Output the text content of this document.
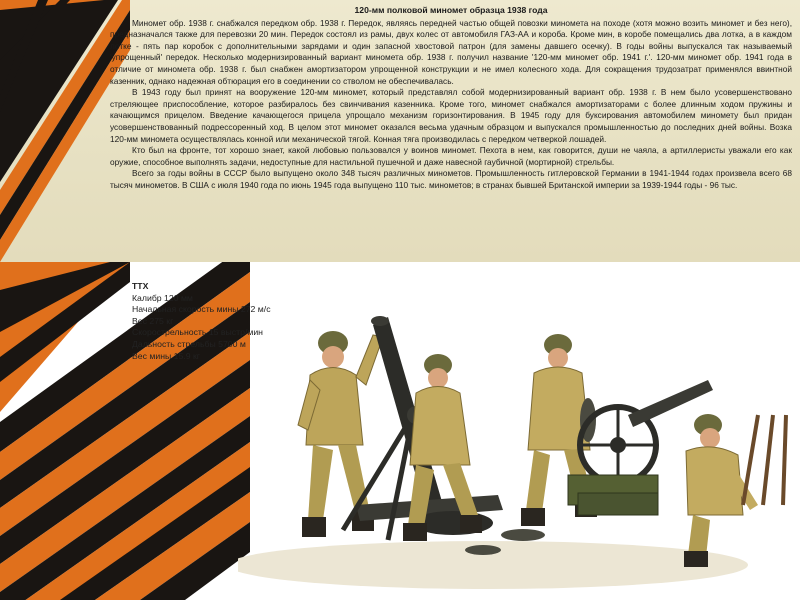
120-мм полковой миномет образца 1938 года

Миномет обр. 1938 г. снабжался передком обр. 1938 г. Передок, являясь передней частью общей повозки миномета на походе (хотя можно возить миномет и без него), предназначался также для перевозки 20 мин. Передок состоял из рамы, двух колес от автомобиля ГАЗ-АА и короба. Кроме мин, в коробе помещались два лотка, а в каждом лотке - пять пар коробок с дополнительными зарядами и один запасной хвостовой патрон (для замены давшего осечку). В годы войны выпускался так называемый 'упрощенный' передок. Несколько модернизированный вариант миномета обр. 1938 г. получил название '120-мм миномет обр. 1941 г.'. 120-мм миномет обр. 1941 года в отличие от миномета обр. 1938 г. был снабжен амортизатором упрощенной конструкции и не имел колесного хода. Для сокращения трудозатрат применялся ввинтной казенник, однако надежная обтюрация его в соединении со стволом не обеспечивалась.

В 1943 году был принят на вооружение 120-мм миномет, который представлял собой модернизированный вариант обр. 1938 г. В нем было усовершенствовано стреляющее приспособление, которое разбиралось без свинчивания казенника. Кроме того, миномет снабжался амортизаторами с более длинным ходом пружины и качающимся прицелом. Введение качающегося прицела упрощало механизм горизонтирования. В 1945 году для буксирования автомобилем миномету был придан усовершенствованный подрессоренный ход. В целом этот миномет оказался весьма удачным образцом и выпускался промышленностью до последних дней войны. Возка 120-мм миномета осуществлялась конной или механической тягой. Конная тяга производилась с передком четверкой лошадей.

Кто был на фронте, тот хорошо знает, какой любовью пользовался у воинов миномет. Пехота в нем, как говорится, души не чаяла, а артиллеристы уважали его как оружие, способное выполнять задачи, недоступные для настильной пушечной и даже навесной гаубичной (мортирной) стрельбы.

Всего за годы войны в СССР было выпущено около 348 тысяч различных минометов. Промышленность гитлеровской Германии в 1941-1944 годах произвела всего 68 тысяч минометов. В США с июля 1940 года по июнь 1945 года выпущено 110 тыс. минометов; в странах бывшей Британской империи за 1939-1944 годы - 96 тыс.

ТТХ
Калибр 120 мм
Начальная скорость мины 272 м/с
Вес 275 кг
Скорострельность 15 выстр/мин
Дальность стрельбы 5700 м
Вес мины 15.9 кг
